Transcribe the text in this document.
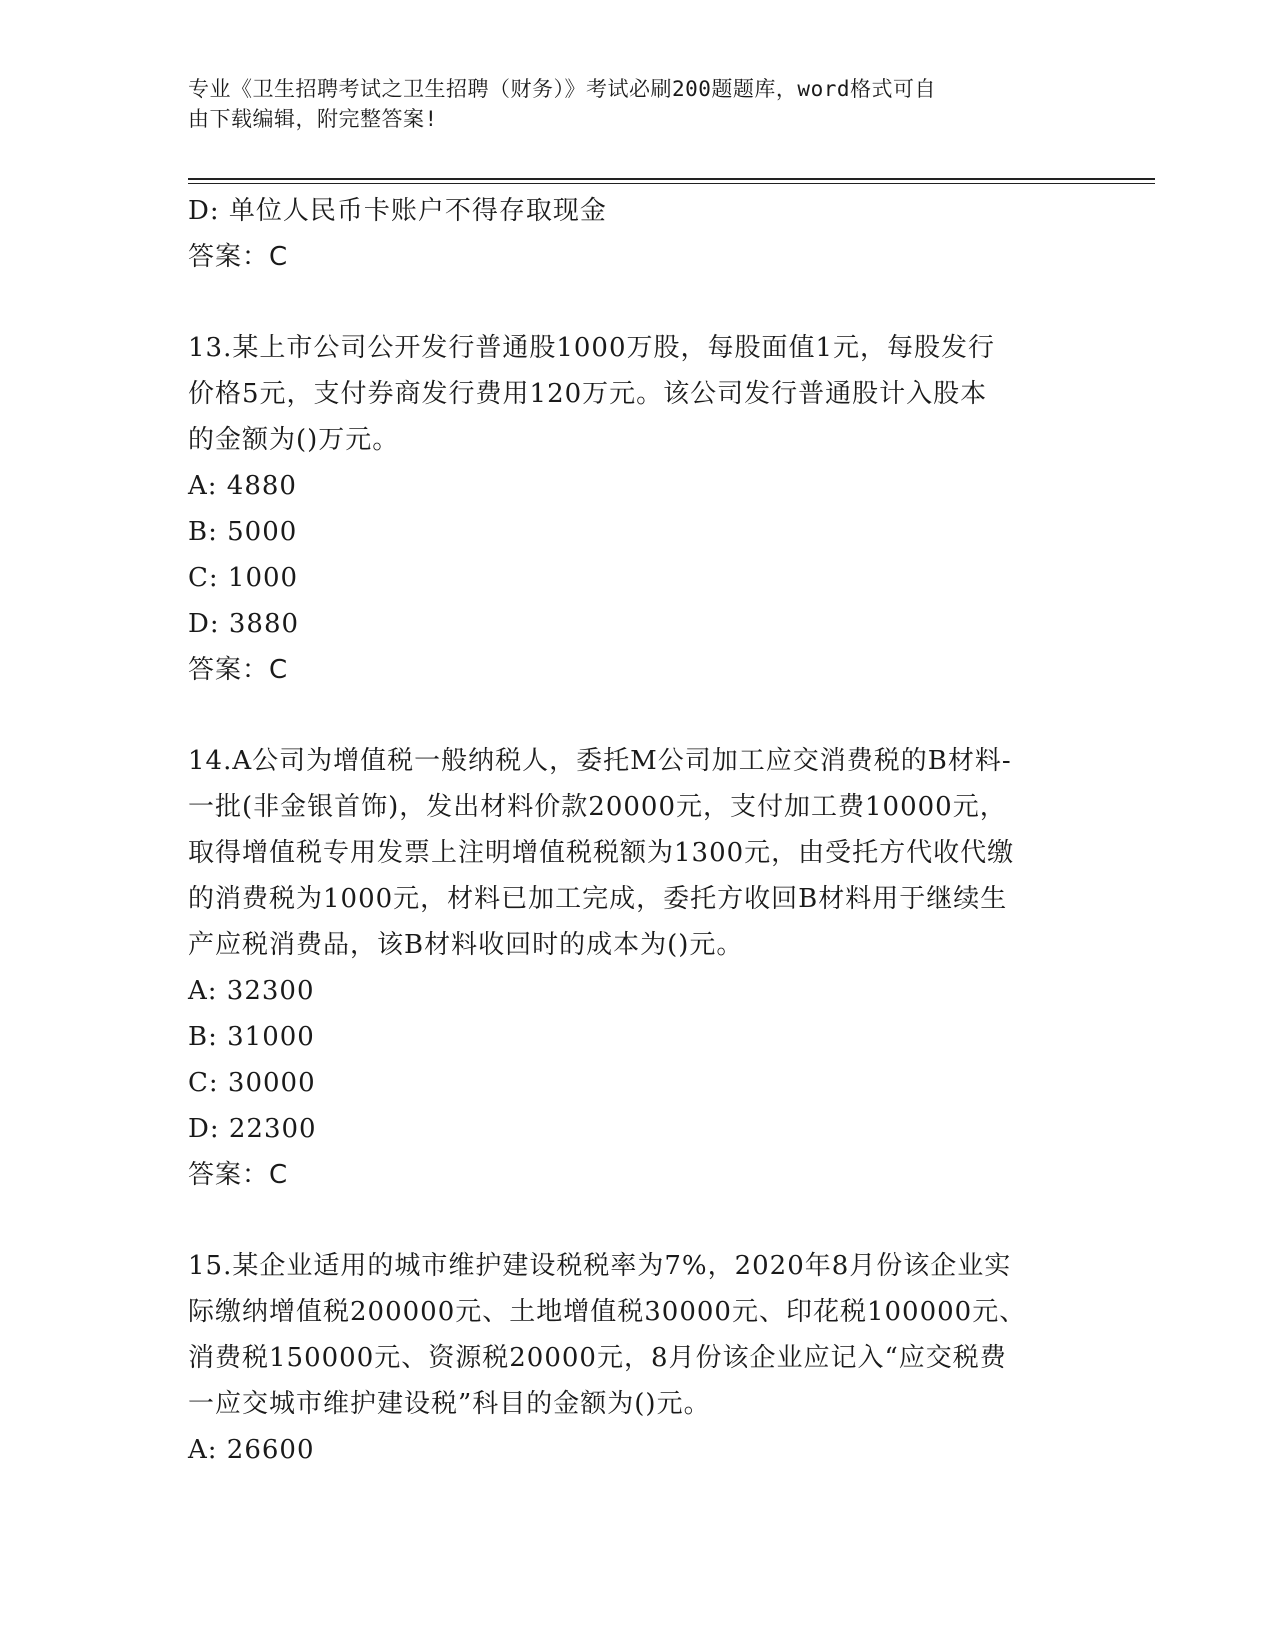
专业《卫生招聘考试之卫生招聘（财务）》考试必刷200题题库，word格式可自
由下载编辑，附完整答案!
D: 单位人民币卡账户不得存取现金
答案：C
13.某上市公司公开发行普通股1000万股，每股面值1元，每股发行
价格5元，支付券商发行费用120万元。该公司发行普通股计入股本
的金额为()万元。
A: 4880
B: 5000
C: 1000
D: 3880
答案：C
14.A公司为增值税一般纳税人，委托M公司加工应交消费税的B材料-
一批(非金银首饰)，发出材料价款20000元，支付加工费10000元，
取得增值税专用发票上注明增值税税额为1300元，由受托方代收代缴
的消费税为1000元，材料已加工完成，委托方收回B材料用于继续生
产应税消费品，该B材料收回时的成本为()元。
A: 32300
B: 31000
C: 30000
D: 22300
答案：C
15.某企业适用的城市维护建设税税率为7%，2020年8月份该企业实
际缴纳增值税200000元、土地增值税30000元、印花税100000元、
消费税150000元、资源税20000元，8月份该企业应记入“应交税费
一应交城市维护建设税”科目的金额为()元。
A: 26600
